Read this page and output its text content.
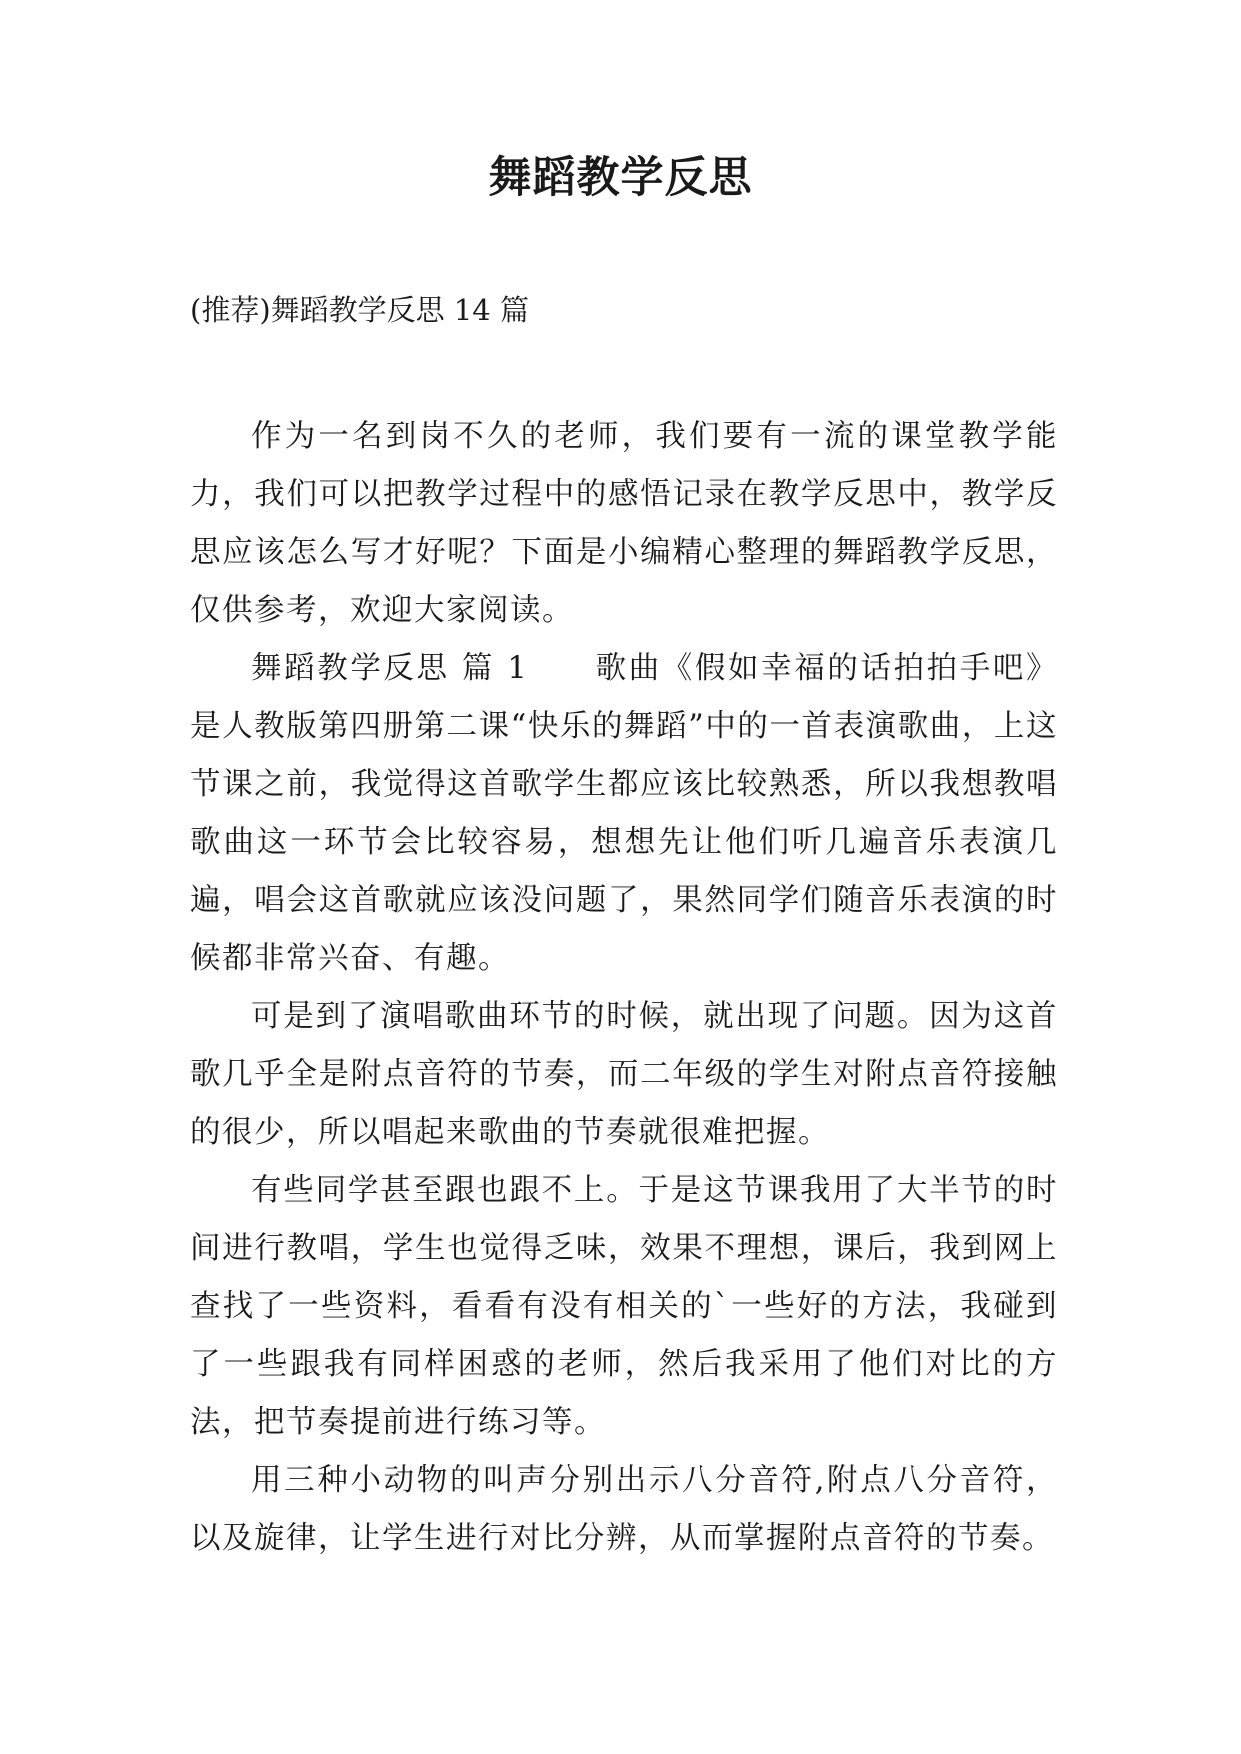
舞蹈教学反思

(推荐)舞蹈教学反思 14 篇

作为一名到岗不久的老师，我们要有一流的课堂教学能力，我们可以把教学过程中的感悟记录在教学反思中，教学反思应该怎么写才好呢？下面是小编精心整理的舞蹈教学反思，仅供参考，欢迎大家阅读。

舞蹈教学反思 篇 1　　歌曲《假如幸福的话拍拍手吧》是人教版第四册第二课“快乐的舞蹈”中的一首表演歌曲，上这节课之前，我觉得这首歌学生都应该比较熟悉，所以我想教唱歌曲这一环节会比较容易，想想先让他们听几遍音乐表演几遍，唱会这首歌就应该没问题了，果然同学们随音乐表演的时候都非常兴奋、有趣。

可是到了演唱歌曲环节的时候，就出现了问题。因为这首歌几乎全是附点音符的节奏，而二年级的学生对附点音符接触的很少，所以唱起来歌曲的节奏就很难把握。

有些同学甚至跟也跟不上。于是这节课我用了大半节的时间进行教唱，学生也觉得乏味，效果不理想，课后，我到网上查找了一些资料，看看有没有相关的`一些好的方法，我碰到了一些跟我有同样困惑的老师，然后我采用了他们对比的方法，把节奏提前进行练习等。

用三种小动物的叫声分别出示八分音符,附点八分音符，以及旋律，让学生进行对比分辨，从而掌握附点音符的节奏。
